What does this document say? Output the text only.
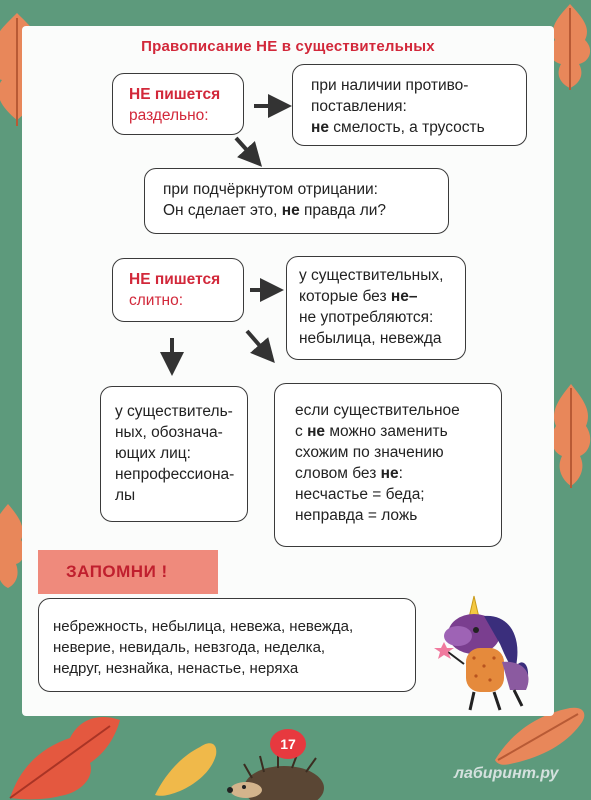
Правописание НЕ в существительных
НЕ пишется
раздельно:
при наличии противо-
поставления:
не смелость, а трусость
при подчёркнутом отрицании:
Он сделает это, не правда ли?
НЕ пишется
слитно:
у существительных,
которые без не–
не употребляются:
небылица, невежда
у существитель-
ных, обознача-
ющих лиц:
непрофессиона-
лы
если существительное
с не можно заменить
схожим по значению
словом без не:
несчастье = беда;
неправда = ложь
небрежность, небылица, невежа, невежда,
неверие, невидаль, невзгода, неделка,
недруг, незнайка, ненастье, неряха
ЗАПОМНИ !
17
лабиринт.ру
